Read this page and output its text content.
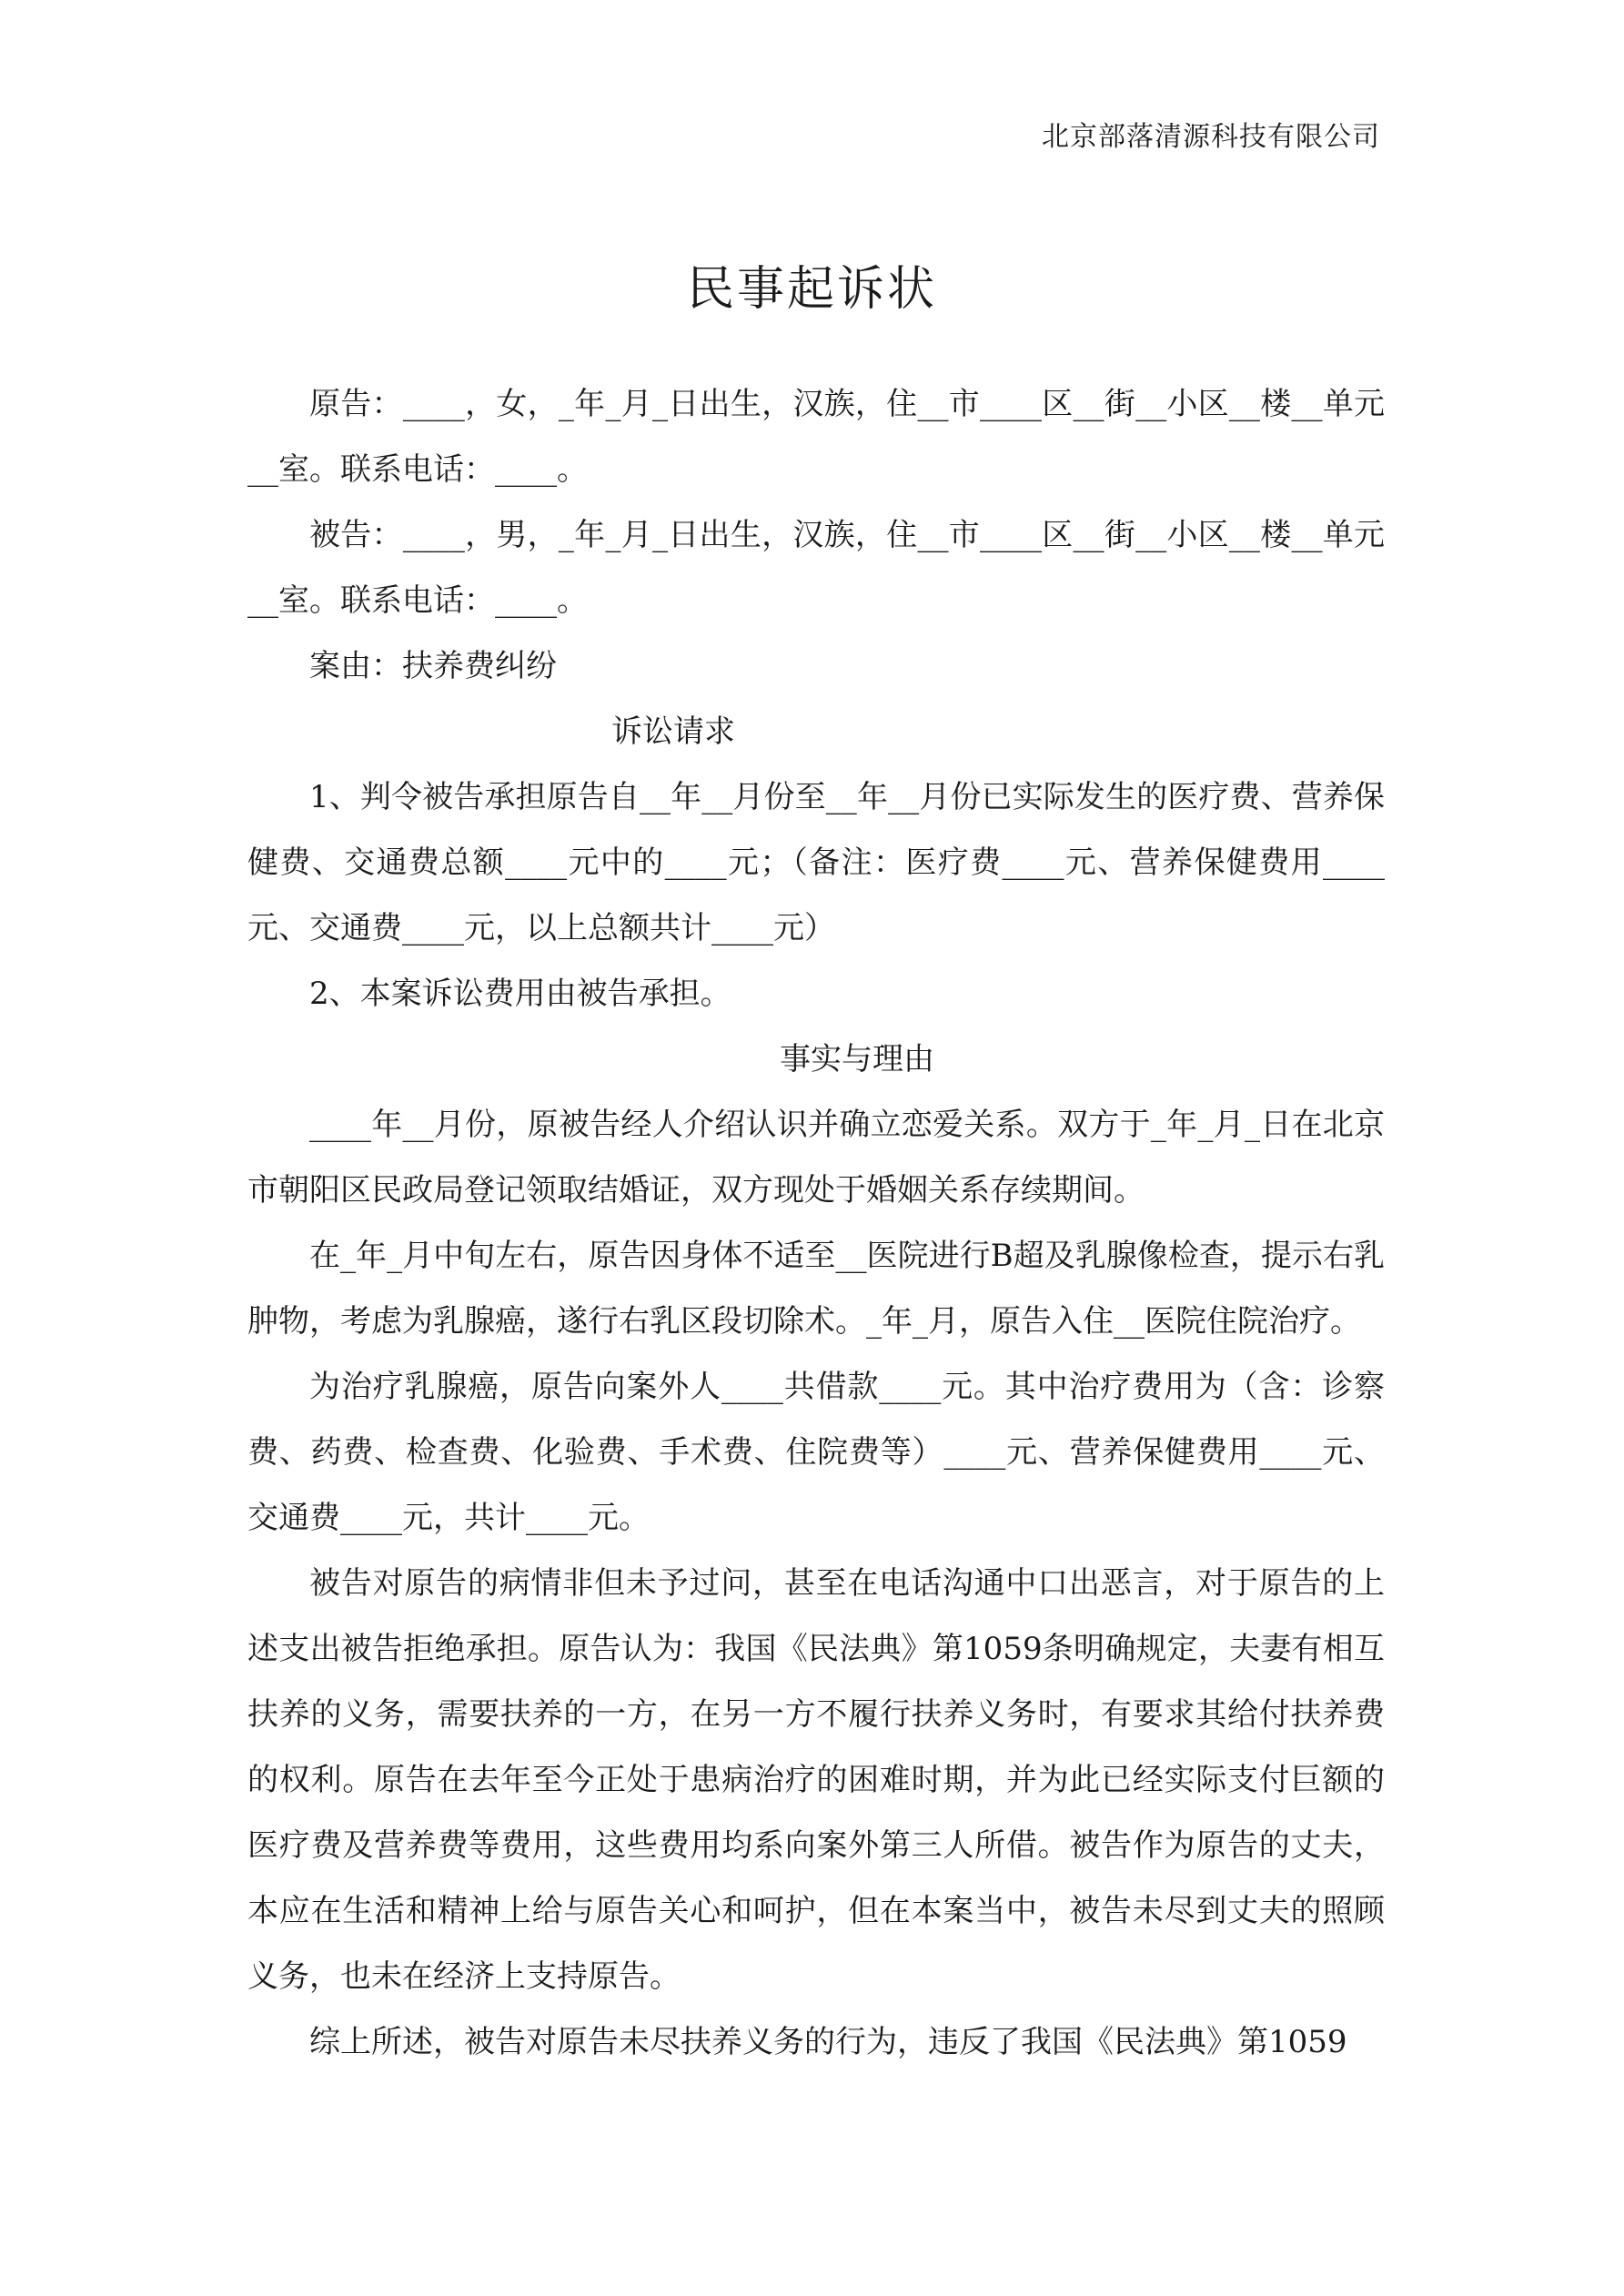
北京部落清源科技有限公司
民事起诉状

原告：____，女，_年_月_日出生，汉族，住__市____区__街__小区__楼__单元__室。联系电话：____。

被告：____，男，_年_月_日出生，汉族，住__市____区__街__小区__楼__单元__室。联系电话：____。

案由：扶养费纠纷

诉讼请求

1、判令被告承担原告自__年__月份至__年__月份已实际发生的医疗费、营养保健费、交通费总额____元中的____元；（备注：医疗费____元、营养保健费用____元、交通费____元，以上总额共计____元）

2、本案诉讼费用由被告承担。

事实与理由

____年__月份，原被告经人介绍认识并确立恋爱关系。双方于_年_月_日在北京市朝阳区民政局登记领取结婚证，双方现处于婚姻关系存续期间。

在_年_月中旬左右，原告因身体不适至__医院进行B超及乳腺像检查，提示右乳肿物，考虑为乳腺癌，遂行右乳区段切除术。_年_月，原告入住__医院住院治疗。

为治疗乳腺癌，原告向案外人____共借款____元。其中治疗费用为（含：诊察费、药费、检查费、化验费、手术费、住院费等）____元、营养保健费用____元、交通费____元，共计____元。

被告对原告的病情非但未予过问，甚至在电话沟通中口出恶言，对于原告的上述支出被告拒绝承担。原告认为：我国《民法典》第1059条明确规定，夫妻有相互扶养的义务，需要扶养的一方，在另一方不履行扶养义务时，有要求其给付扶养费的权利。原告在去年至今正处于患病治疗的困难时期，并为此已经实际支付巨额的医疗费及营养费等费用，这些费用均系向案外第三人所借。被告作为原告的丈夫，本应在生活和精神上给与原告关心和呵护，但在本案当中，被告未尽到丈夫的照顾义务，也未在经济上支持原告。

综上所述，被告对原告未尽扶养义务的行为，违反了我国《民法典》第1059
